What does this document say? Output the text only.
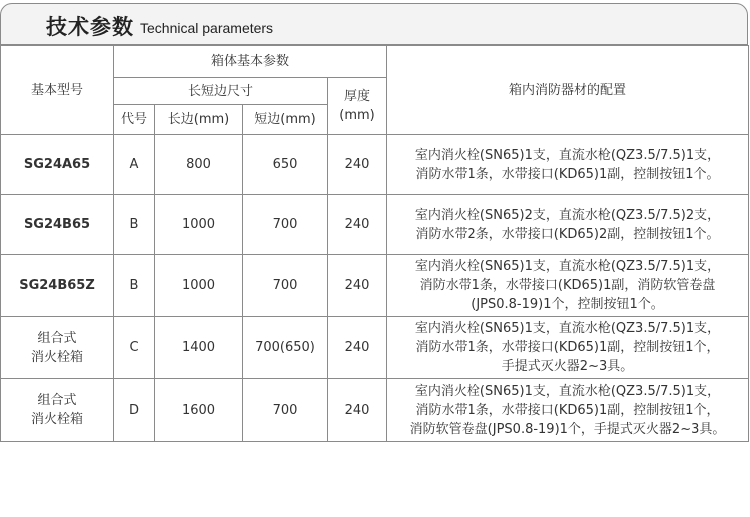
技术参数 Technical parameters
基本型号	箱体基本参数				箱内消防器材的配置
	长短边尺寸			厚度
(mm)	

	代号	长边(mm)	短边(mm)		

SG24A65	A	800	650	240	室内消火栓(SN65)1支，直流水枪(QZ3.5/7.5)1支，
消防水带1条，水带接口(KD65)1副，控制按钮1个。

SG24B65	B	1000	700	240	室内消火栓(SN65)2支，直流水枪(QZ3.5/7.5)2支，
消防水带2条，水带接口(KD65)2副，控制按钮1个。

SG24B65Z	B	1000	700	240	室内消火栓(SN65)1支，直流水枪(QZ3.5/7.5)1支，
消防水带1条，水带接口(KD65)1副，消防软管卷盘
(JPS0.8-19)1个，控制按钮1个。

组合式
消火栓箱	C	1400	700(650)	240	室内消火栓(SN65)1支，直流水枪(QZ3.5/7.5)1支，
消防水带1条，水带接口(KD65)1副，控制按钮1个，
手提式灭火器2~3具。

组合式
消火栓箱	D	1600	700	240	室内消火栓(SN65)1支，直流水枪(QZ3.5/7.5)1支，
消防水带1条，水带接口(KD65)1副，控制按钮1个，
消防软管卷盘(JPS0.8-19)1个，手提式灭火器2~3具。
